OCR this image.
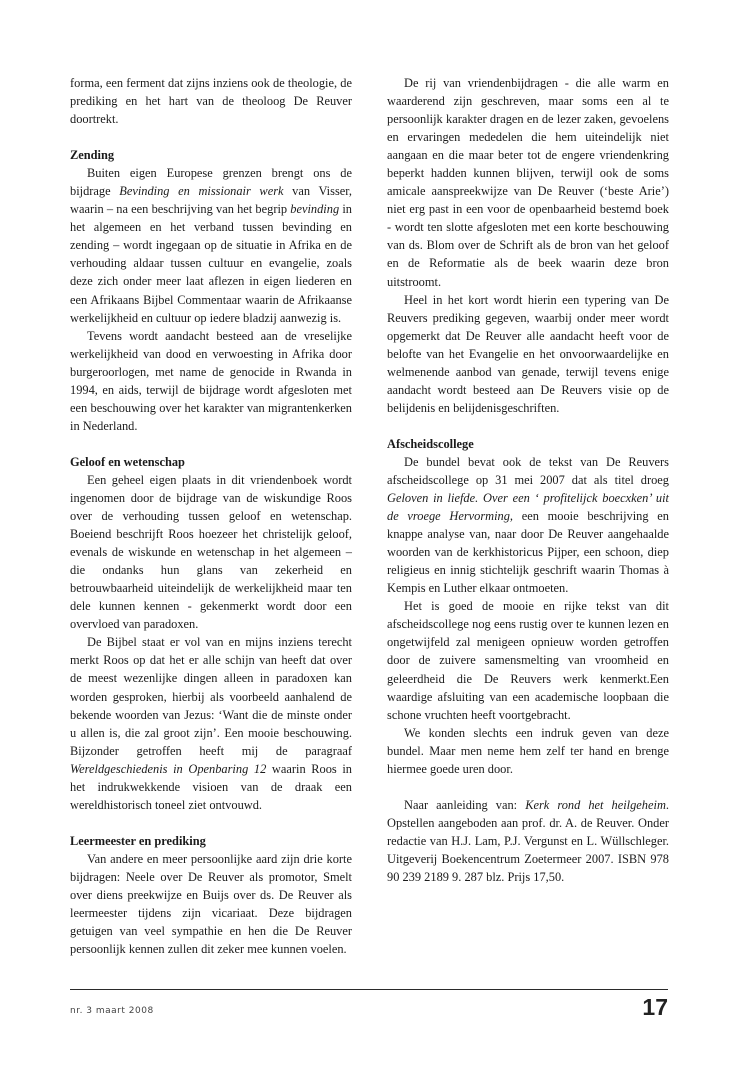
forma, een ferment dat zijns inziens ook de theologie, de prediking en het hart van de theoloog De Reuver doortrekt.

Zending

Buiten eigen Europese grenzen brengt ons de bijdrage Bevinding en missionair werk van Visser, waarin – na een beschrijving van het begrip bevinding in het algemeen en het verband tussen bevinding en zending – wordt ingegaan op de situatie in Afrika en de verhouding aldaar tussen cultuur en evangelie, zoals deze zich onder meer laat aflezen in eigen liederen en een Afrikaans Bijbel Commentaar waarin de Afrikaanse werkelijkheid en cultuur op iedere bladzij aanwezig is.

Tevens wordt aandacht besteed aan de vreselijke werkelijkheid van dood en verwoesting in Afrika door burgeroorlogen, met name de genocide in Rwanda in 1994, en aids, terwijl de bijdrage wordt afgesloten met een beschouwing over het karakter van migrantenkerken in Nederland.

Geloof en wetenschap

Een geheel eigen plaats in dit vriendenboek wordt ingenomen door de bijdrage van de wiskundige Roos over de verhouding tussen geloof en wetenschap. Boeiend beschrijft Roos hoezeer het christelijk geloof, evenals de wiskunde en wetenschap in het algemeen – die ondanks hun glans van zekerheid en betrouwbaarheid uiteindelijk de werkelijkheid maar ten dele kunnen kennen - gekenmerkt wordt door een overvloed van paradoxen.

De Bijbel staat er vol van en mijns inziens terecht merkt Roos op dat het er alle schijn van heeft dat over de meest wezenlijke dingen alleen in paradoxen kan worden gesproken, hierbij als voorbeeld aanhalend de bekende woorden van Jezus: ‘Want die de minste onder u allen is, die zal groot zijn’. Een mooie beschouwing. Bijzonder getroffen heeft mij de paragraaf Wereldgeschiedenis in Openbaring 12 waarin Roos in het indrukwekkende visioen van de draak een wereldhistorisch toneel ziet ontvouwd.

Leermeester en prediking

Van andere en meer persoonlijke aard zijn drie korte bijdragen: Neele over De Reuver als promotor, Smelt over diens preekwijze en Buijs over ds. De Reuver als leermeester tijdens zijn vicariaat. Deze bijdragen getuigen van veel sympathie en hen die De Reuver persoonlijk kennen zullen dit zeker mee kunnen voelen.

De rij van vriendenbijdragen - die alle warm en waarderend zijn geschreven, maar soms een al te persoonlijk karakter dragen en de lezer zaken, gevoelens en ervaringen mededelen die hem uiteindelijk niet aangaan en die maar beter tot de engere vriendenkring beperkt hadden kunnen blijven, terwijl ook de soms amicale aanspreekwijze van De Reuver (‘beste Arie’) niet erg past in een voor de openbaarheid bestemd boek - wordt ten slotte afgesloten met een korte beschouwing van ds. Blom over de Schrift als de bron van het geloof en de Reformatie als de beek waarin deze bron uitstroomt.

Heel in het kort wordt hierin een typering van De Reuvers prediking gegeven, waarbij onder meer wordt opgemerkt dat De Reuver alle aandacht heeft voor de belofte van het Evangelie en het onvoorwaardelijke en welmenende aanbod van genade, terwijl tevens enige aandacht wordt besteed aan De Reuvers visie op de belijdenis en belijdenisgeschriften.

Afscheidscollege

De bundel bevat ook de tekst van De Reuvers afscheidscollege op 31 mei 2007 dat als titel droeg Geloven in liefde. Over een ‘ profitelijck boecxken’ uit de vroege Hervorming, een mooie beschrijving en knappe analyse van, naar door De Reuver aangehaalde woorden van de kerkhistoricus Pijper, een schoon, diep religieus en innig stichtelijk geschrift waarin Thomas à Kempis en Luther elkaar ontmoeten.

Het is goed de mooie en rijke tekst van dit afscheidscollege nog eens rustig over te kunnen lezen en ongetwijfeld zal menigeen opnieuw worden getroffen door de zuivere samensmelting van vroomheid en geleerdheid die De Reuvers werk kenmerkt.Een waardige afsluiting van een academische loopbaan die schone vruchten heeft voortgebracht.

We konden slechts een indruk geven van deze bundel. Maar men neme hem zelf ter hand en brenge hiermee goede uren door.

Naar aanleiding van: Kerk rond het heilgeheim. Opstellen aangeboden aan prof. dr. A. de Reuver. Onder redactie van H.J. Lam, P.J. Vergunst en L. Wüllschleger. Uitgeverij Boekencentrum Zoetermeer 2007. ISBN 978 90 239 2189 9. 287 blz. Prijs 17,50.

nr. 3 maart 2008	17
